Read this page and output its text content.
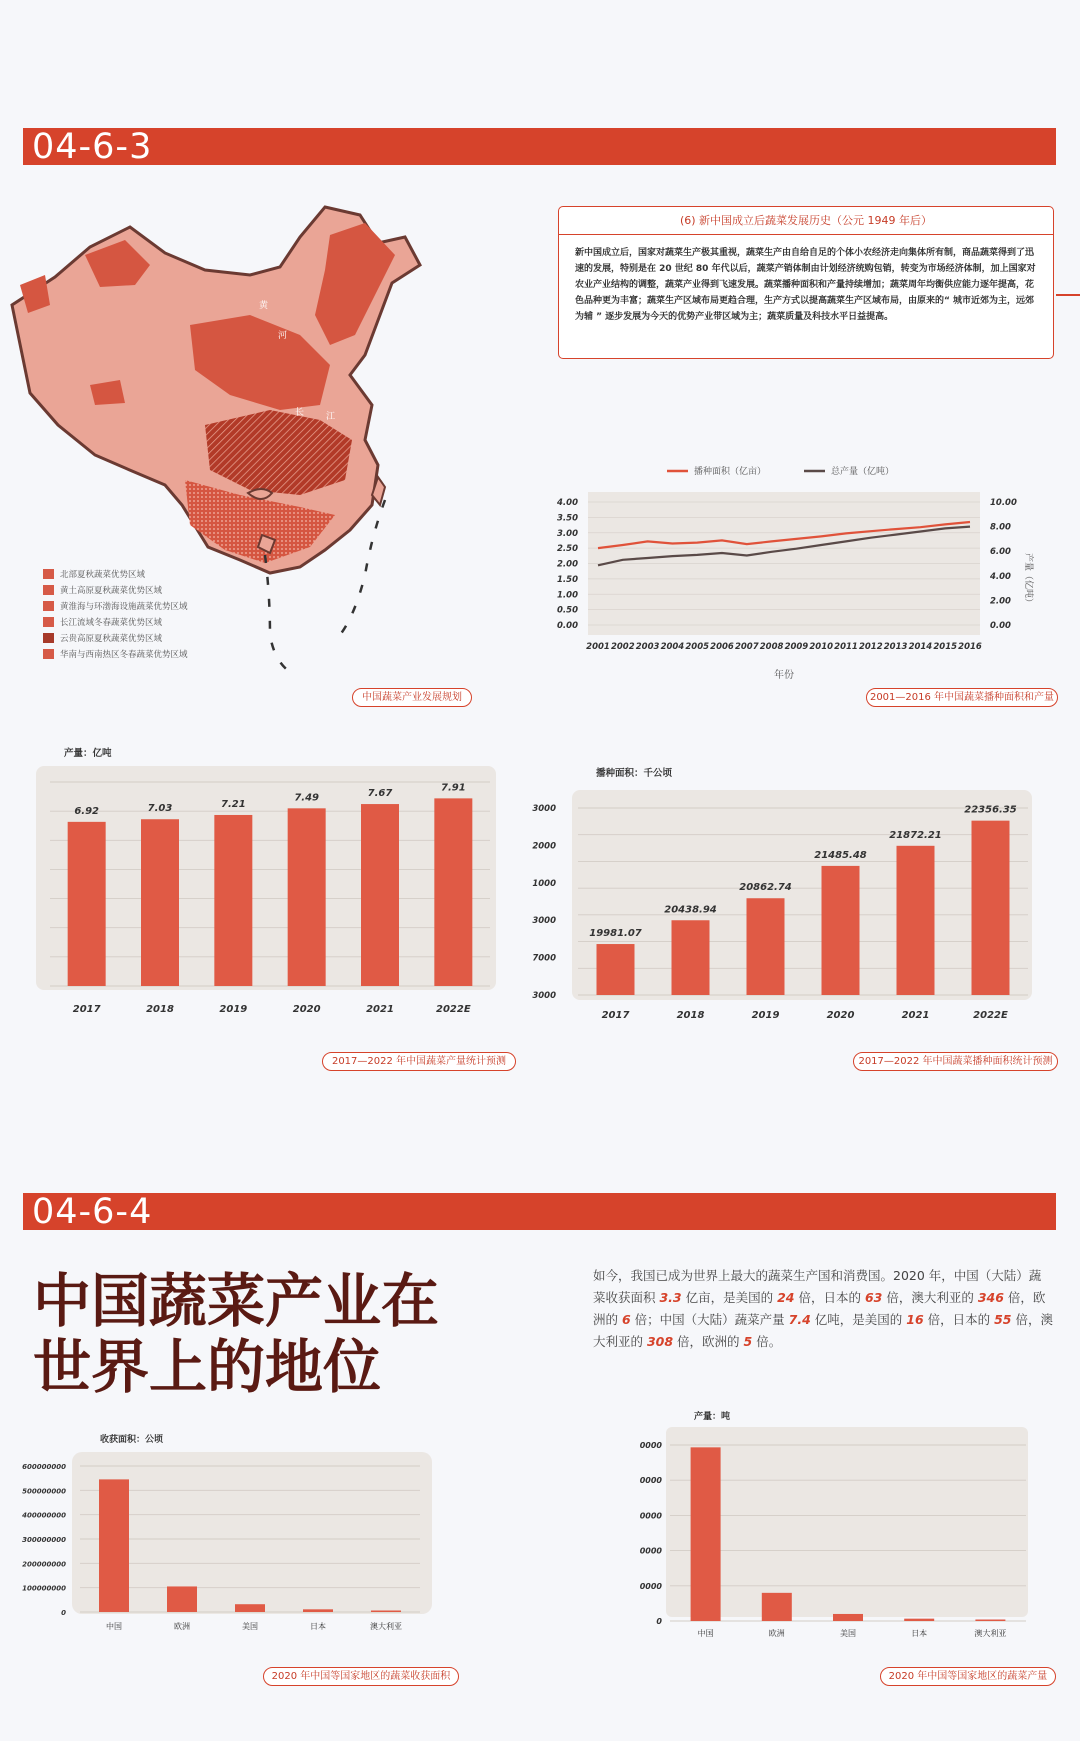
04-6-3
黄
河
长 江
北部夏秋蔬菜优势区域
黄土高原夏秋蔬菜优势区域
黄淮海与环渤海设施蔬菜优势区域
长江流域冬春蔬菜优势区域
云贵高原夏秋蔬菜优势区域
华南与西南热区冬春蔬菜优势区域
中国蔬菜产业发展规划
(6) 新中国成立后蔬菜发展历史（公元 1949 年后）
新中国成立后，国家对蔬菜生产极其重视，蔬菜生产由自给自足的个体小农经济走向集体所有制，商品蔬菜得到了迅速的发展，特别是在 20 世纪 80 年代以后，蔬菜产销体制由计划经济统购包销，转变为市场经济体制，加上国家对农业产业结构的调整，蔬菜产业得到飞速发展。蔬菜播种面积和产量持续增加；蔬菜周年均衡供应能力逐年提高，花色品种更为丰富；蔬菜生产区域布局更趋合理，生产方式以提高蔬菜生产区域布局，由原来的“ 城市近郊为主，远郊为辅 ” 逐步发展为今天的优势产业带区域为主；蔬菜质量及科技水平日益提高。
播种面积（亿亩）	总产量（亿吨）
0.00
0.50
1.00
1.50
2.00
2.50
3.00
3.50
4.00
0.00
2.00
4.00
6.00
8.00
10.00
2001 2002 2003 2004 2005 2006 2007 2008 2009 2010 2011 2012 2013 2014 2015 2016
年份
产量（亿吨）
2001—2016 年中国蔬菜播种面积和产量
产量：亿吨
6.92
2017
7.03
2018
7.21
2019
7.49
2020
7.67
2021
7.91
2022E
2017—2022 年中国蔬菜产量统计预测
播种面积：千公顷
3000
7000
3000
1000
2000
3000
19981.07
2017
20438.94
2018
20862.74
2019
21485.48
2020
21872.21
2021
22356.35
2022E
2017—2022 年中国蔬菜播种面积统计预测
04-6-4
中国蔬菜产业在世界上的地位
如今，我国已成为世界上最大的蔬菜生产国和消费国。2020 年，中国（大陆）蔬菜收获面积 3.3 亿亩，是美国的 24 倍，日本的 63 倍，澳大利亚的 346 倍，欧洲的 6 倍；中国（大陆）蔬菜产量 7.4 亿吨，是美国的 16 倍，日本的 55 倍，澳大利亚的 308 倍，欧洲的 5 倍。
收获面积：公顷
0
100000000
200000000
300000000
400000000
500000000
600000000
中国	欧洲	美国	日本	澳大利亚
2020 年中国等国家地区的蔬菜收获面积
产量：吨
0
0000
0000
0000
0000
0000
中国	欧洲	美国	日本	澳大利亚
2020 年中国等国家地区的蔬菜产量
